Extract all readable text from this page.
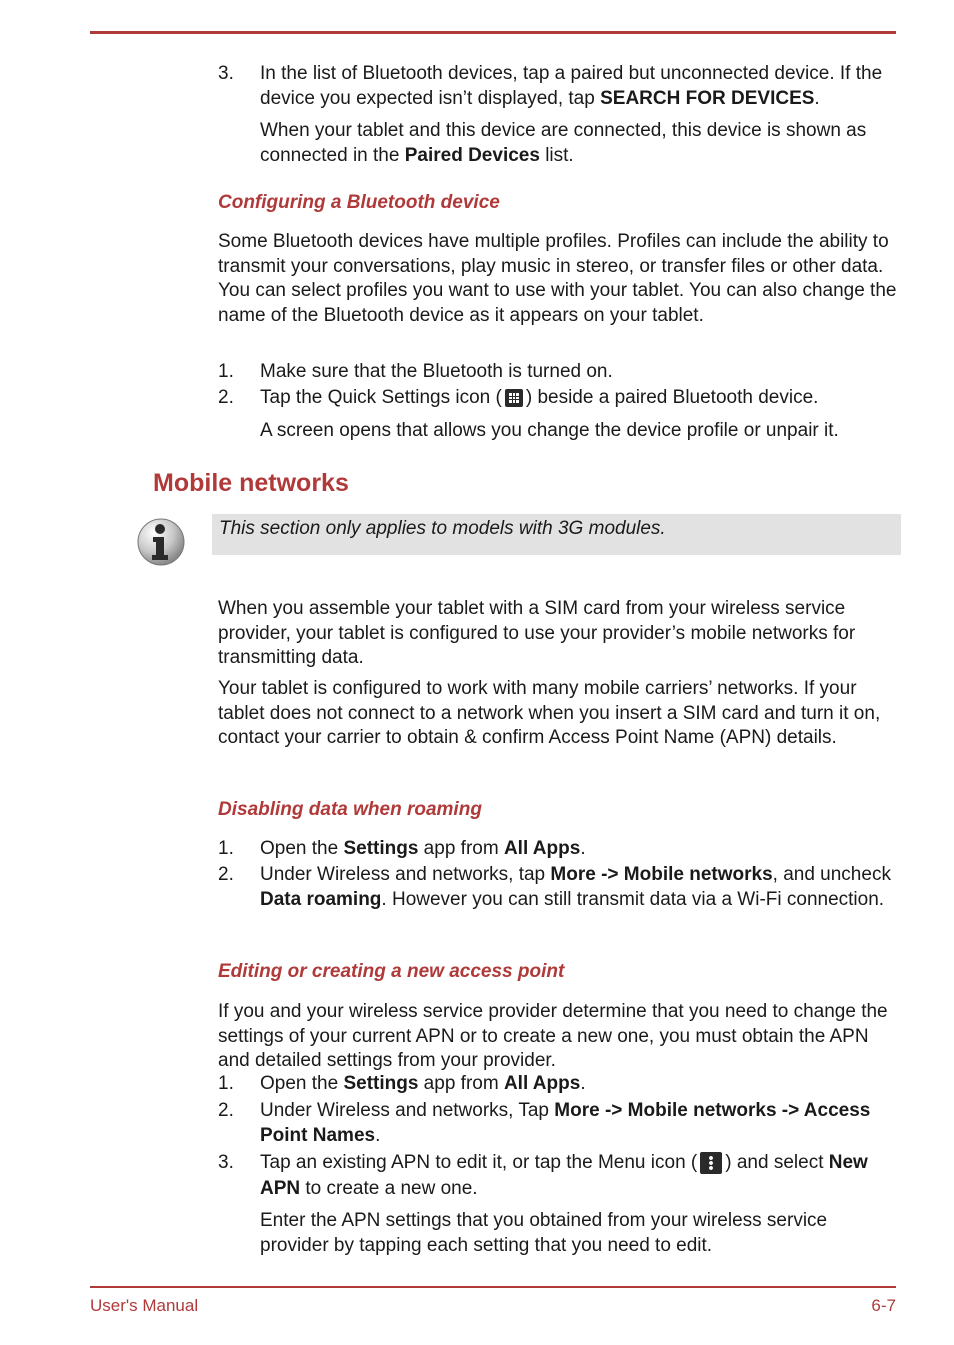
3.	In the list of Bluetooth devices, tap a paired but unconnected device. If the device you expected isn’t displayed, tap SEARCH FOR DEVICES.
When your tablet and this device are connected, this device is shown as connected in the Paired Devices list.
Configuring a Bluetooth device
Some Bluetooth devices have multiple profiles. Profiles can include the ability to transmit your conversations, play music in stereo, or transfer files or other data. You can select profiles you want to use with your tablet. You can also change the name of the Bluetooth device as it appears on your tablet.
1.	Make sure that the Bluetooth is turned on.
2.	Tap the Quick Settings icon ( ) beside a paired Bluetooth device.
A screen opens that allows you change the device profile or unpair it.
Mobile networks
This section only applies to models with 3G modules.
When you assemble your tablet with a SIM card from your wireless service provider, your tablet is configured to use your provider’s mobile networks for transmitting data.
Your tablet is configured to work with many mobile carriers’ networks. If your tablet does not connect to a network when you insert a SIM card and turn it on, contact your carrier to obtain & confirm Access Point Name (APN) details.
Disabling data when roaming
1.	Open the Settings app from All Apps.
2.	Under Wireless and networks, tap More -> Mobile networks, and uncheck Data roaming. However you can still transmit data via a Wi-Fi connection.
Editing or creating a new access point
If you and your wireless service provider determine that you need to change the settings of your current APN or to create a new one, you must obtain the APN and detailed settings from your provider.
1.	Open the Settings app from All Apps.
2.	Under Wireless and networks, Tap More -> Mobile networks -> Access Point Names.
3.	Tap an existing APN to edit it, or tap the Menu icon ( ) and select New APN to create a new one.
Enter the APN settings that you obtained from your wireless service provider by tapping each setting that you need to edit.
User's Manual	6-7
